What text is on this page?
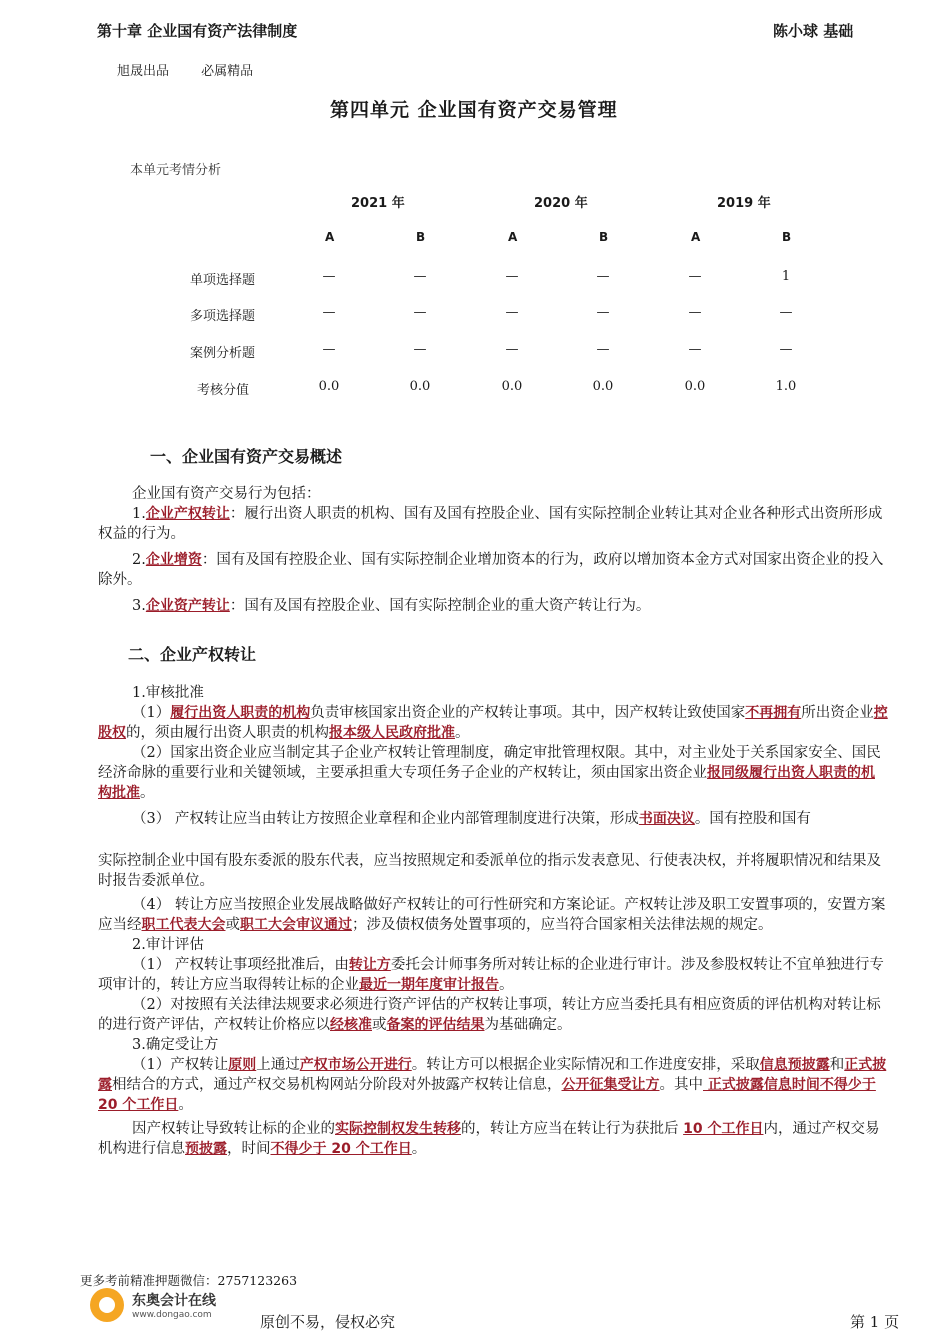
第十章 企业国有资产法律制度	陈小球 基础
旭晟出品 必属精品
第四单元 企业国有资产交易管理
本单元考情分析
2021 年	2020 年	2019 年
A	B	A	B	A	B
单项选择题	—	—	—	—	—	1
多项选择题	—	—	—	—	—	—
案例分析题	—	—	—	—	—	—
考核分值	0.0	0.0	0.0	0.0	0.0	1.0
一、企业国有资产交易概述

企业国有资产交易行为包括：

1.企业产权转让：履行出资人职责的机构、国有及国有控股企业、国有实际控制企业转让其对企业各种形式出资所形成权益的行为。

2.企业增资：国有及国有控股企业、国有实际控制企业增加资本的行为，政府以增加资本金方式对国家出资企业的投入除外。

3.企业资产转让：国有及国有控股企业、国有实际控制企业的重大资产转让行为。

二、企业产权转让

1.审核批准

（1）履行出资人职责的机构负责审核国家出资企业的产权转让事项。其中，因产权转让致使国家不再拥有所出资企业控股权的，须由履行出资人职责的机构报本级人民政府批准。

（2）国家出资企业应当制定其子企业产权转让管理制度，确定审批管理权限。其中，对主业处于关系国家安全、国民经济命脉的重要行业和关键领域，主要承担重大专项任务子企业的产权转让，须由国家出资企业报同级履行出资人职责的机构批准。

（3） 产权转让应当由转让方按照企业章程和企业内部管理制度进行决策，形成书面决议。国有控股和国有

实际控制企业中国有股东委派的股东代表，应当按照规定和委派单位的指示发表意见、行使表决权，并将履职情况和结果及时报告委派单位。

（4） 转让方应当按照企业发展战略做好产权转让的可行性研究和方案论证。产权转让涉及职工安置事项的，安置方案应当经职工代表大会或职工大会审议通过；涉及债权债务处置事项的，应当符合国家相关法律法规的规定。

2.审计评估

（1） 产权转让事项经批准后，由转让方委托会计师事务所对转让标的企业进行审计。涉及参股权转让不宜单独进行专项审计的，转让方应当取得转让标的企业最近一期年度审计报告。

（2）对按照有关法律法规要求必须进行资产评估的产权转让事项，转让方应当委托具有相应资质的评估机构对转让标的进行资产评估，产权转让价格应以经核准或备案的评估结果为基础确定。

3.确定受让方

（1）产权转让原则上通过产权市场公开进行。转让方可以根据企业实际情况和工作进度安排，采取信息预披露和正式披露相结合的方式，通过产权交易机构网站分阶段对外披露产权转让信息，公开征集受让方。其中 正式披露信息时间不得少于 20 个工作日。

因产权转让导致转让标的企业的实际控制权发生转移的，转让方应当在转让行为获批后 10 个工作日内，通过产权交易机构进行信息预披露，时间不得少于 20 个工作日。

更多考前精准押题微信：2757123263
东奥会计在线
www.dongao.com	原创不易，侵权必究	第 1 页
